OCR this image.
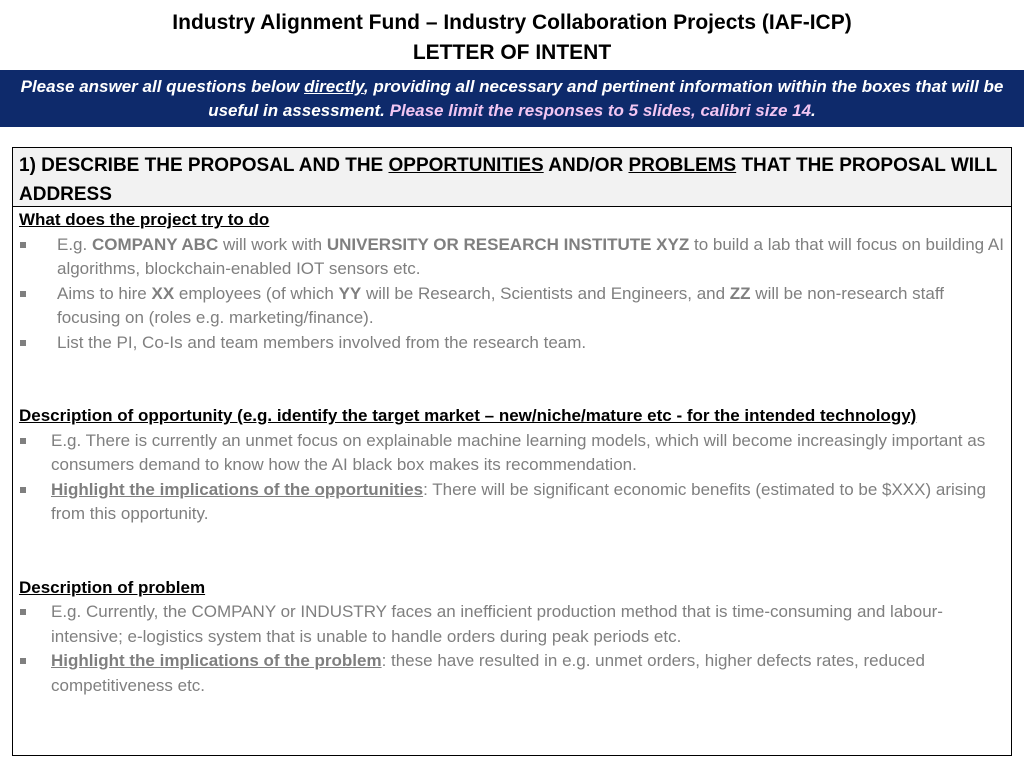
Industry Alignment Fund – Industry Collaboration Projects (IAF-ICP)
LETTER OF INTENT
Please answer all questions below directly, providing all necessary and pertinent information within the boxes that will be useful in assessment. Please limit the responses to 5 slides, calibri size 14.
1) DESCRIBE THE PROPOSAL AND THE OPPORTUNITIES AND/OR PROBLEMS THAT THE PROPOSAL WILL ADDRESS

What does the project try to do

E.g. COMPANY ABC will work with UNIVERSITY OR RESEARCH INSTITUTE XYZ to build a lab that will focus on building AI algorithms, blockchain-enabled IOT sensors etc.
Aims to hire XX employees (of which YY will be Research, Scientists and Engineers, and ZZ will be non-research staff focusing on (roles e.g. marketing/finance).
List the PI, Co-Is and team members involved from the research team.

Description of opportunity (e.g. identify the target market – new/niche/mature etc - for the intended technology)

E.g. There is currently an unmet focus on explainable machine learning models, which will become increasingly important as consumers demand to know how the AI black box makes its recommendation.
Highlight the implications of the opportunities: There will be significant economic benefits (estimated to be $XXX) arising from this opportunity.

Description of problem

E.g. Currently, the COMPANY or INDUSTRY faces an inefficient production method that is time-consuming and labour-intensive; e-logistics system that is unable to handle orders during peak periods etc.
Highlight the implications of the problem: these have resulted in e.g. unmet orders, higher defects rates, reduced competitiveness etc.
